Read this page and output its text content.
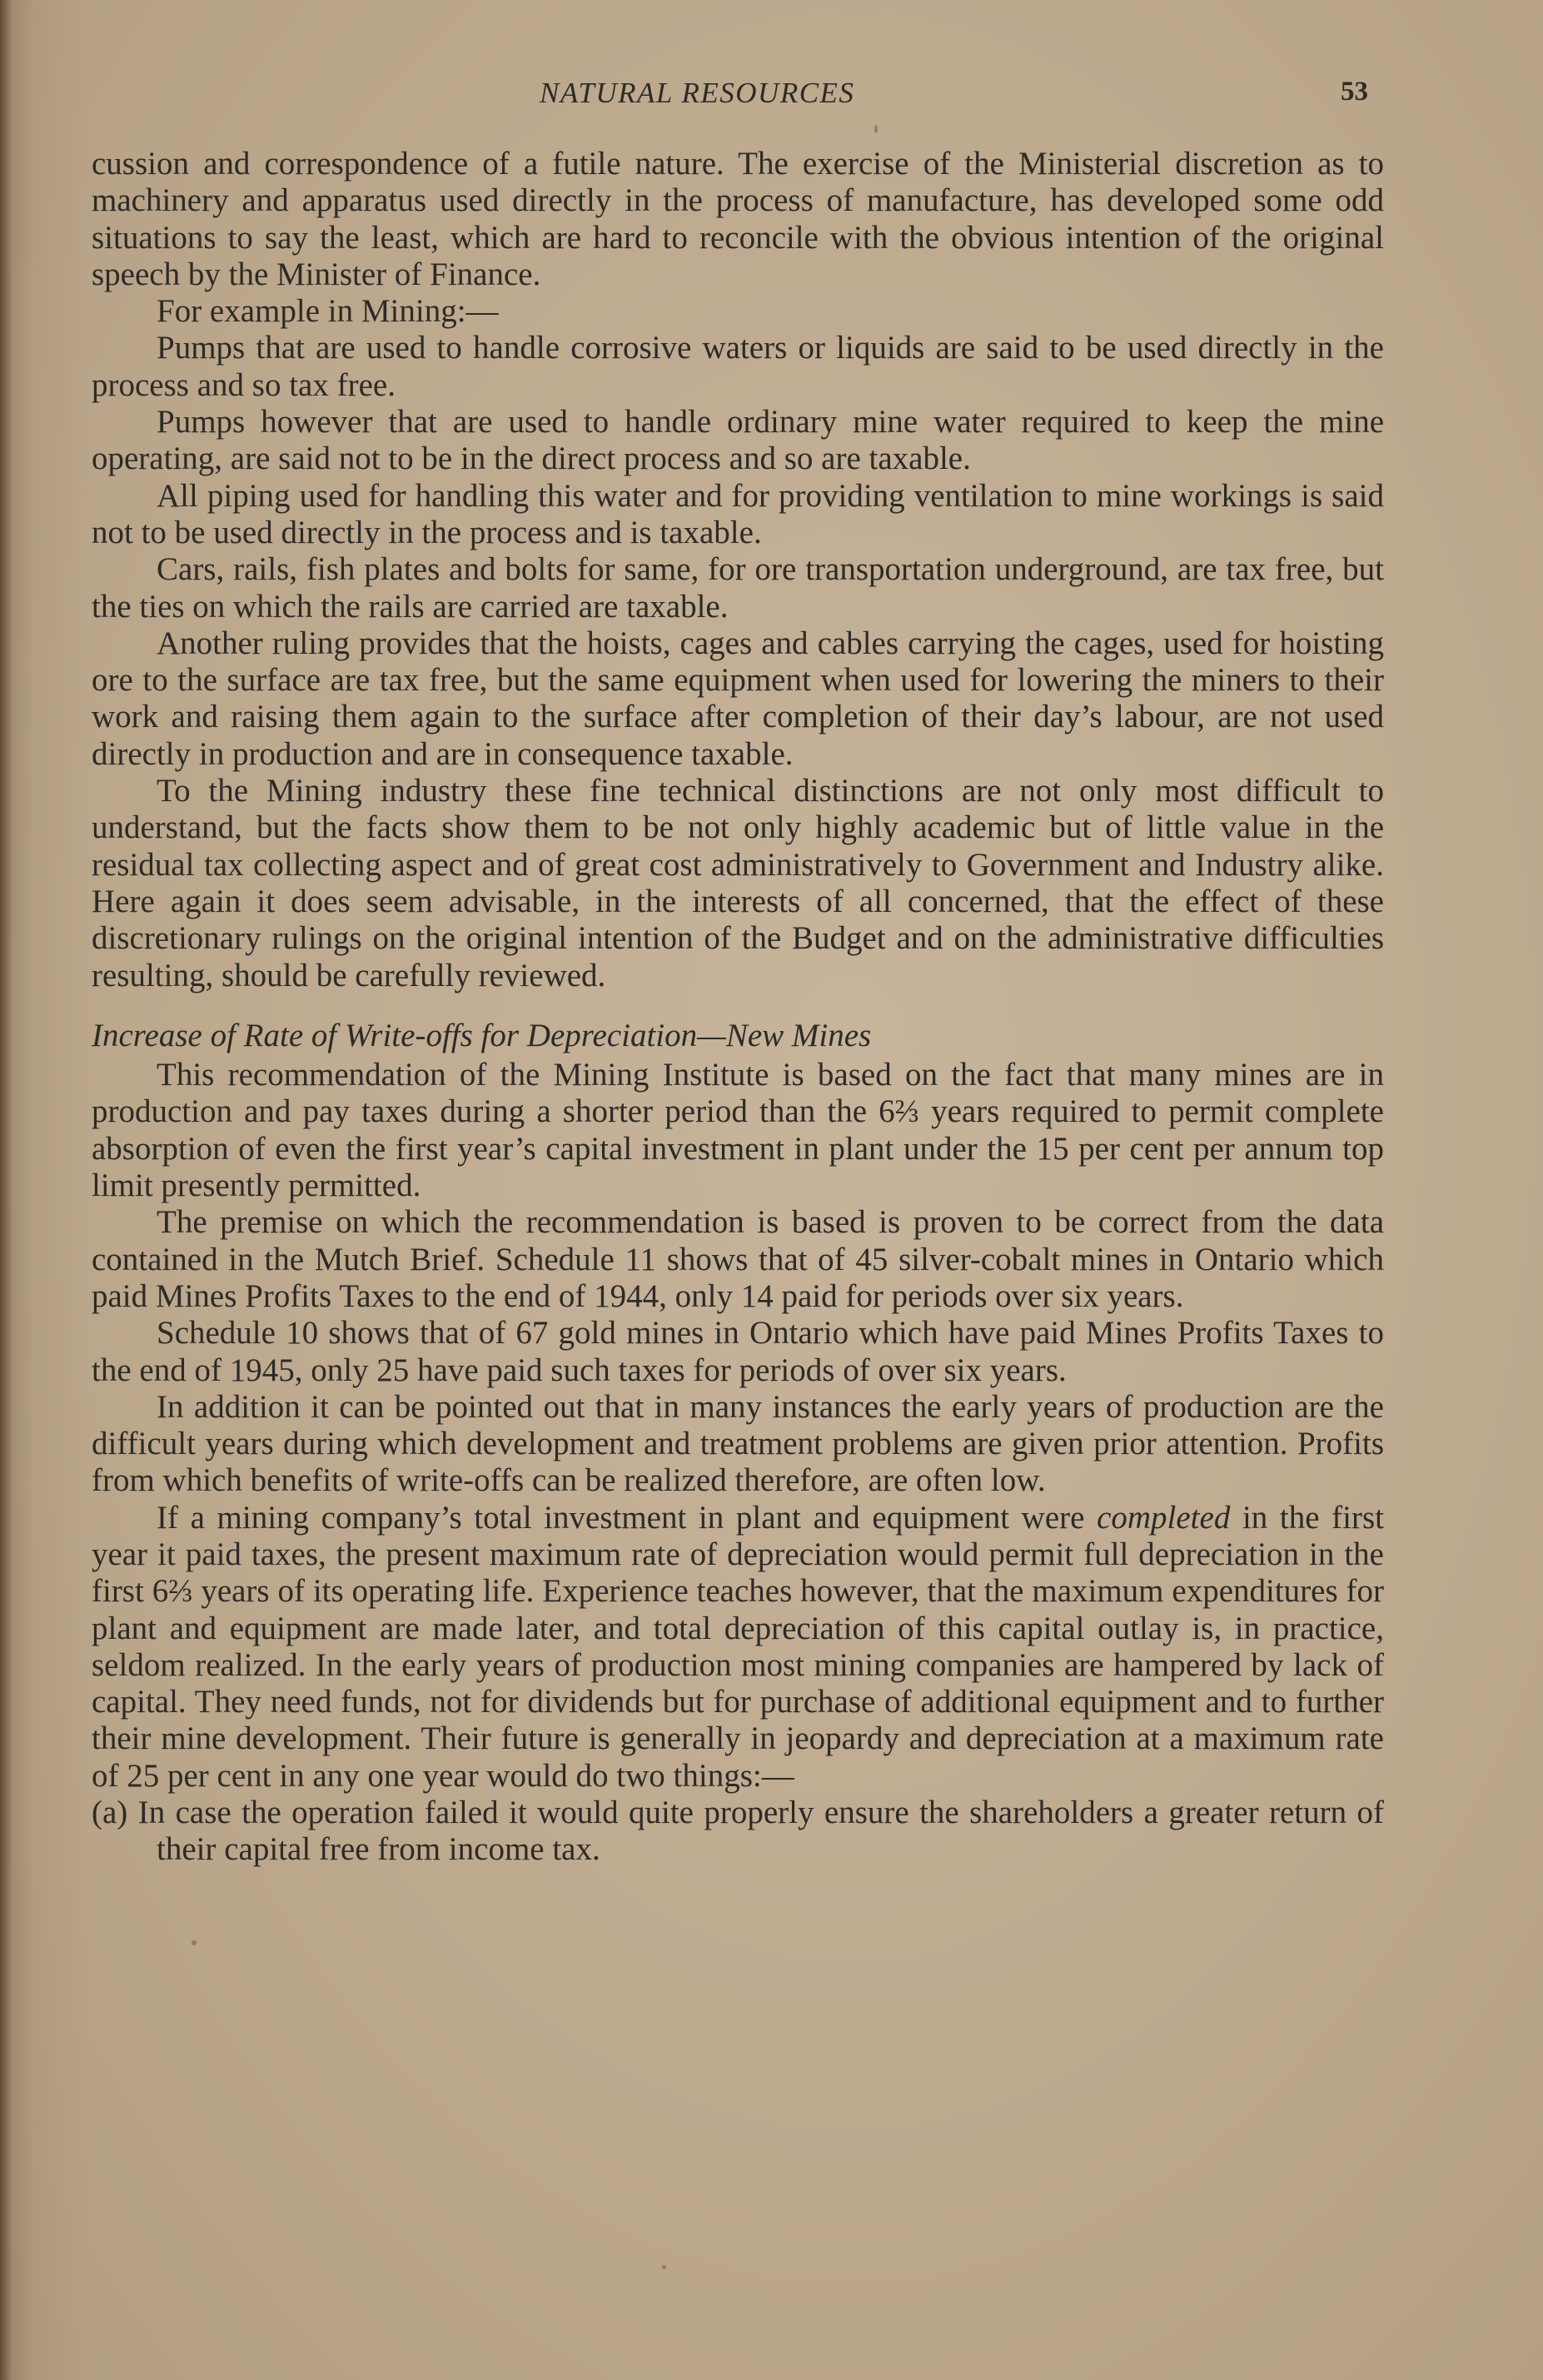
NATURAL RESOURCES	53

cussion and correspondence of a futile nature. The exercise of the Ministerial discretion as to machinery and apparatus used directly in the process of manufacture, has developed some odd situations to say the least, which are hard to reconcile with the obvious intention of the original speech by the Minister of Finance.

For example in Mining:—

Pumps that are used to handle corrosive waters or liquids are said to be used directly in the process and so tax free.

Pumps however that are used to handle ordinary mine water required to keep the mine operating, are said not to be in the direct process and so are taxable.

All piping used for handling this water and for providing ventilation to mine workings is said not to be used directly in the process and is taxable.

Cars, rails, fish plates and bolts for same, for ore transportation underground, are tax free, but the ties on which the rails are carried are taxable.

Another ruling provides that the hoists, cages and cables carrying the cages, used for hoisting ore to the surface are tax free, but the same equipment when used for lowering the miners to their work and raising them again to the surface after completion of their day’s labour, are not used directly in production and are in consequence taxable.

To the Mining industry these fine technical distinctions are not only most difficult to understand, but the facts show them to be not only highly academic but of little value in the residual tax collecting aspect and of great cost administratively to Government and Industry alike. Here again it does seem advisable, in the interests of all concerned, that the effect of these discretionary rulings on the original intention of the Budget and on the administrative difficulties resulting, should be carefully reviewed.

Increase of Rate of Write-offs for Depreciation—New Mines

This recommendation of the Mining Institute is based on the fact that many mines are in production and pay taxes during a shorter period than the 6⅔ years required to permit complete absorption of even the first year’s capital investment in plant under the 15 per cent per annum top limit presently permitted.

The premise on which the recommendation is based is proven to be correct from the data contained in the Mutch Brief. Schedule 11 shows that of 45 silver-cobalt mines in Ontario which paid Mines Profits Taxes to the end of 1944, only 14 paid for periods over six years.

Schedule 10 shows that of 67 gold mines in Ontario which have paid Mines Profits Taxes to the end of 1945, only 25 have paid such taxes for periods of over six years.

In addition it can be pointed out that in many instances the early years of production are the difficult years during which development and treatment problems are given prior attention. Profits from which benefits of write-offs can be realized therefore, are often low.

If a mining company’s total investment in plant and equipment were completed in the first year it paid taxes, the present maximum rate of depreciation would permit full depreciation in the first 6⅔ years of its operating life. Experience teaches however, that the maximum expenditures for plant and equipment are made later, and total depreciation of this capital outlay is, in practice, seldom realized. In the early years of production most mining companies are hampered by lack of capital. They need funds, not for dividends but for purchase of additional equipment and to further their mine development. Their future is generally in jeopardy and depreciation at a maximum rate of 25 per cent in any one year would do two things:—

(a) In case the operation failed it would quite properly ensure the shareholders a greater return of their capital free from income tax.
